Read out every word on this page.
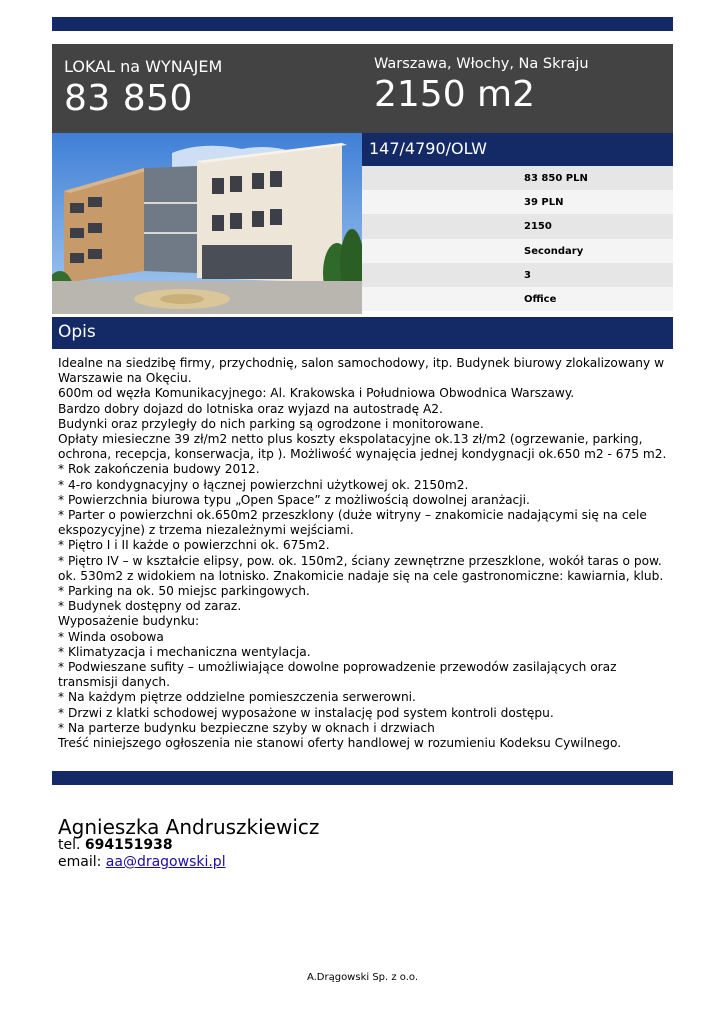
LOKAL na WYNAJEM
83 850
Warszawa, Włochy, Na Skraju
2150 m2
147/4790/OLW
83 850 PLN
39 PLN
2150
Secondary
3
Office
Opis

Idealne na siedzibę firmy, przychodnię, salon samochodowy, itp. Budynek biurowy zlokalizowany w Warszawie na Okęciu.

600m od węzła Komunikacyjnego: Al. Krakowska i Południowa Obwodnica Warszawy.

Bardzo dobry dojazd do lotniska oraz wyjazd na autostradę A2.

Budynki oraz przyległy do nich parking są ogrodzone i monitorowane.

Opłaty miesieczne 39 zł/m2 netto plus koszty ekspolatacyjne ok.13 zł/m2 (ogrzewanie, parking, ochrona, recepcja, konserwacja, itp ). Możliwość wynajęcia jednej kondygnacji ok.650 m2 - 675 m2.

* Rok zakończenia budowy 2012.

* 4-ro kondygnacyjny o łącznej powierzchni użytkowej ok. 2150m2.

* Powierzchnia biurowa typu „Open Space” z możliwością dowolnej aranżacji.

* Parter o powierzchni ok.650m2 przeszklony (duże witryny – znakomicie nadającymi się na cele ekspozycyjne) z trzema niezależnymi wejściami.

* Piętro I i II każde o powierzchni ok. 675m2.

* Piętro IV – w kształcie elipsy, pow. ok. 150m2, ściany zewnętrzne przeszklone, wokół taras o pow. ok. 530m2 z widokiem na lotnisko. Znakomicie nadaje się na cele gastronomiczne: kawiarnia, klub.

* Parking na ok. 50 miejsc parkingowych.

* Budynek dostępny od zaraz.

Wyposażenie budynku:

* Winda osobowa

* Klimatyzacja i mechaniczna wentylacja.

* Podwieszane sufity – umożliwiające dowolne poprowadzenie przewodów zasilających oraz transmisji danych.

* Na każdym piętrze oddzielne pomieszczenia serwerowni.

* Drzwi z klatki schodowej wyposażone w instalację pod system kontroli dostępu.

* Na parterze budynku bezpieczne szyby w oknach i drzwiach

Treść niniejszego ogłoszenia nie stanowi oferty handlowej w rozumieniu Kodeksu Cywilnego.

Agnieszka Andruszkiewicz
tel. 694151938
email: aa@dragowski.pl
A.Drągowski Sp. z o.o.
